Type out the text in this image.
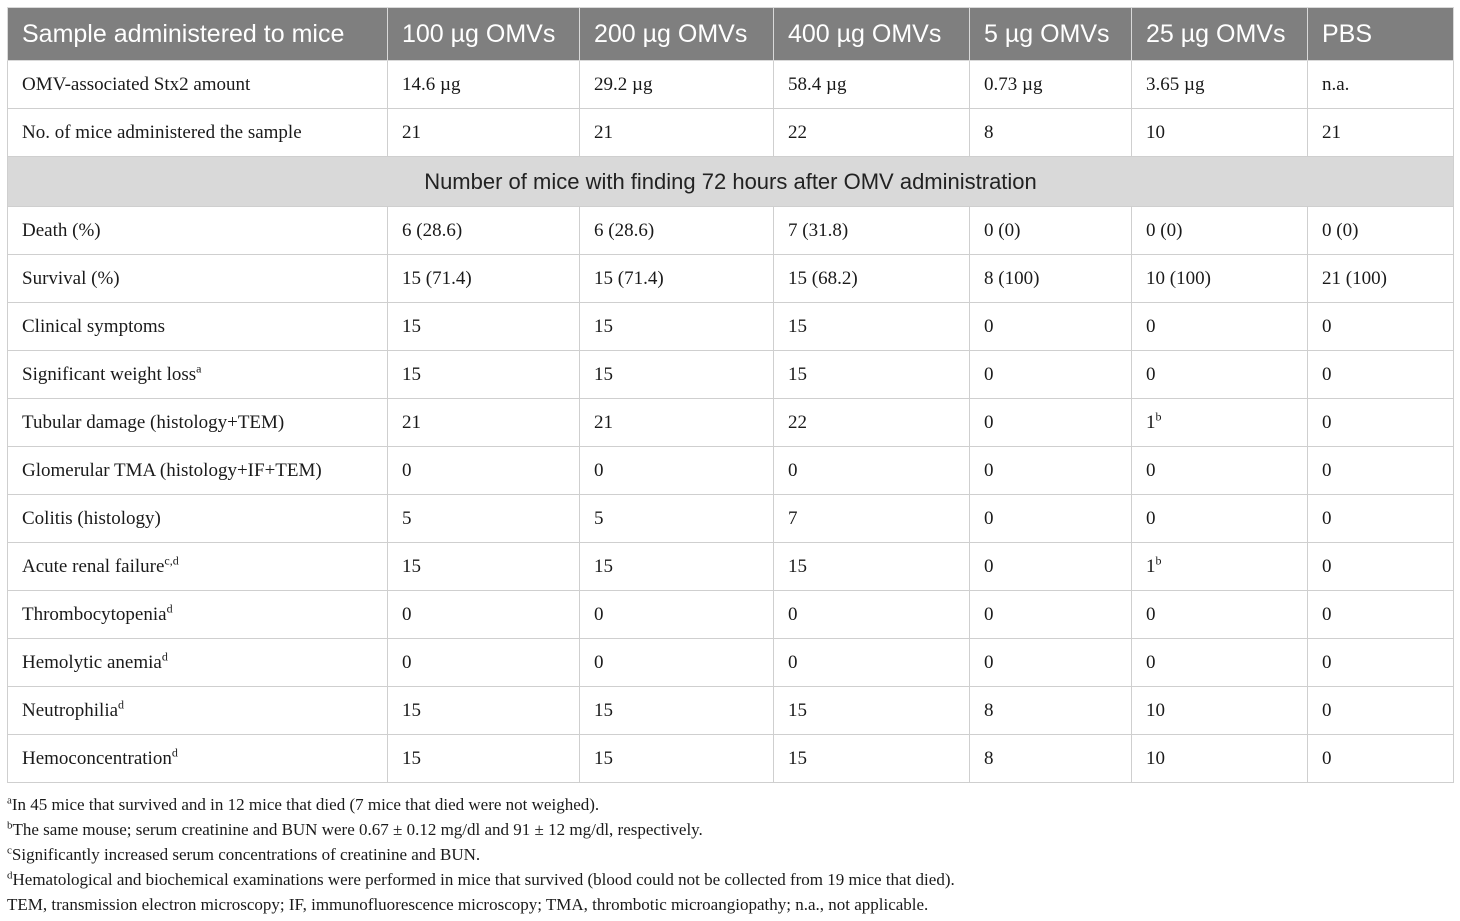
Sample administered to mice	100 µg OMVs	200 µg OMVs	400 µg OMVs	5 µg OMVs	25 µg OMVs	PBS
OMV-associated Stx2 amount	14.6 µg	29.2 µg	58.4 µg	0.73 µg	3.65 µg	n.a.
No. of mice administered the sample	21	21	22	8	10	21
Number of mice with finding 72 hours after OMV administration						
Death (%)	6 (28.6)	6 (28.6)	7 (31.8)	0 (0)	0 (0)	0 (0)
Survival (%)	15 (71.4)	15 (71.4)	15 (68.2)	8 (100)	10 (100)	21 (100)
Clinical symptoms	15	15	15	0	0	0
Significant weight loss$^a$	15	15	15	0	0	0
Tubular damage (histology+TEM)	21	21	22	0	1$^b$	0
Glomerular TMA (histology+IF+TEM)	0	0	0	0	0	0
Colitis (histology)	5	5	7	0	0	0
Acute renal failure$^{c,d}$	15	15	15	0	1$^b$	0
Thrombocytopenia$^d$	0	0	0	0	0	0
Hemolytic anemia$^d$	0	0	0	0	0	0
Neutrophilia$^d$	15	15	15	8	10	0
Hemoconcentration$^d$	15	15	15	8	10	0
$^a$In 45 mice that survived and in 12 mice that died (7 mice that died were not weighed).
$^b$The same mouse; serum creatinine and BUN were 0.67 ± 0.12 mg/dl and 91 ± 12 mg/dl, respectively.
$^c$Significantly increased serum concentrations of creatinine and BUN.
$^d$Hematological and biochemical examinations were performed in mice that survived (blood could not be collected from 19 mice that died).
TEM, transmission electron microscopy; IF, immunofluorescence microscopy; TMA, thrombotic microangiopathy; n.a., not applicable.
